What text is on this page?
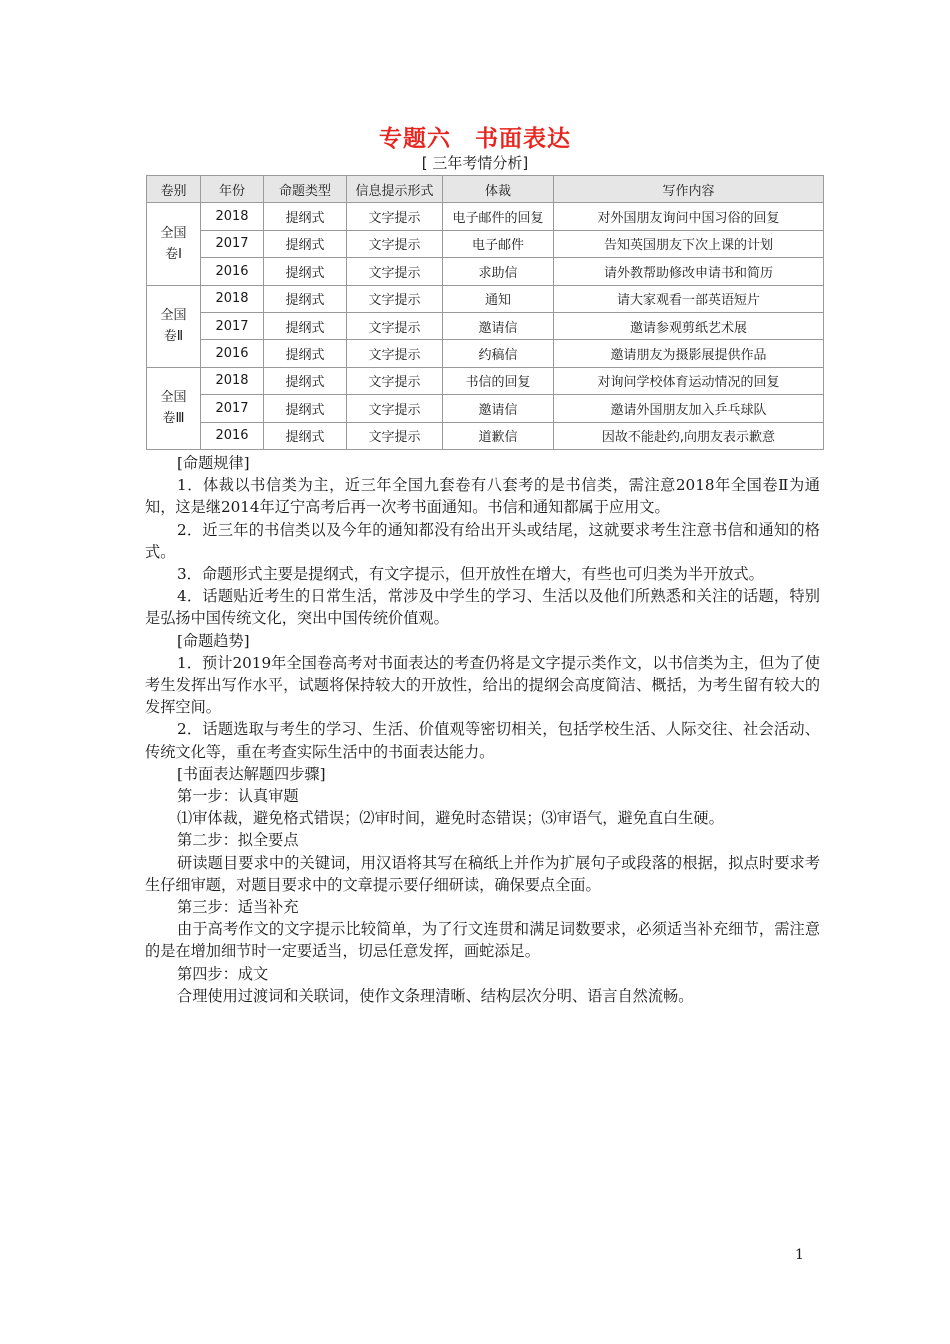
专题六　书面表达
[ 三年考情分析]
卷别	年份	命题类型	信息提示形式	体裁	写作内容
全国
卷Ⅰ	2018	提纲式	文字提示	电子邮件的回复	对外国朋友询问中国习俗的回复
	2017	提纲式	文字提示	电子邮件	告知英国朋友下次上课的计划
	2016	提纲式	文字提示	求助信	请外教帮助修改申请书和简历
全国
卷Ⅱ	2018	提纲式	文字提示	通知	请大家观看一部英语短片
	2017	提纲式	文字提示	邀请信	邀请参观剪纸艺术展
	2016	提纲式	文字提示	约稿信	邀请朋友为摄影展提供作品
全国
卷Ⅲ	2018	提纲式	文字提示	书信的回复	对询问学校体育运动情况的回复
	2017	提纲式	文字提示	邀请信	邀请外国朋友加入乒乓球队
	2016	提纲式	文字提示	道歉信	因故不能赴约,向朋友表示歉意

[命题规律]

1．体裁以书信类为主，近三年全国九套卷有八套考的是书信类，需注意2018年全国卷Ⅱ为通知，这是继2014年辽宁高考后再一次考书面通知。书信和通知都属于应用文。

2．近三年的书信类以及今年的通知都没有给出开头或结尾，这就要求考生注意书信和通知的格式。

3．命题形式主要是提纲式，有文字提示，但开放性在增大，有些也可归类为半开放式。

4．话题贴近考生的日常生活，常涉及中学生的学习、生活以及他们所熟悉和关注的话题，特别是弘扬中国传统文化，突出中国传统价值观。

[命题趋势]

1．预计2019年全国卷高考对书面表达的考查仍将是文字提示类作文，以书信类为主，但为了使考生发挥出写作水平，试题将保持较大的开放性，给出的提纲会高度简洁、概括，为考生留有较大的发挥空间。

2．话题选取与考生的学习、生活、价值观等密切相关，包括学校生活、人际交往、社会活动、传统文化等，重在考查实际生活中的书面表达能力。

[书面表达解题四步骤]

第一步：认真审题

⑴审体裁，避免格式错误；⑵审时间，避免时态错误；⑶审语气，避免直白生硬。

第二步：拟全要点

研读题目要求中的关键词，用汉语将其写在稿纸上并作为扩展句子或段落的根据，拟点时要求考生仔细审题，对题目要求中的文章提示要仔细研读，确保要点全面。

第三步：适当补充

由于高考作文的文字提示比较简单，为了行文连贯和满足词数要求，必须适当补充细节，需注意的是在增加细节时一定要适当，切忌任意发挥，画蛇添足。

第四步：成文

合理使用过渡词和关联词，使作文条理清晰、结构层次分明、语言自然流畅。

1
